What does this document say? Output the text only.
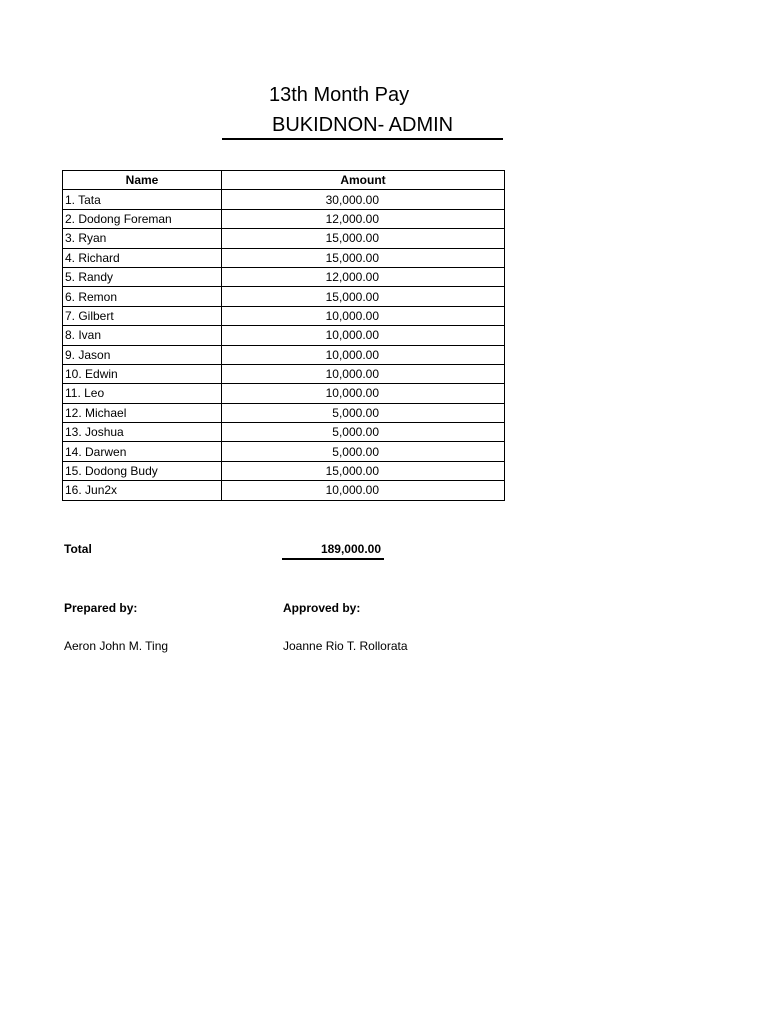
13th Month Pay
BUKIDNON- ADMIN
Name	Amount
1. Tata	30,000.00
2. Dodong Foreman	12,000.00
3. Ryan	15,000.00
4. Richard	15,000.00
5. Randy	12,000.00
6. Remon	15,000.00
7. Gilbert	10,000.00
8. Ivan	10,000.00
9. Jason	10,000.00
10. Edwin	10,000.00
11. Leo	10,000.00
12. Michael	5,000.00
13. Joshua	5,000.00
14. Darwen	5,000.00
15. Dodong Budy	15,000.00
16. Jun2x	10,000.00
Total	189,000.00
Prepared by:	Approved by:
Aeron John M. Ting	Joanne Rio T. Rollorata
